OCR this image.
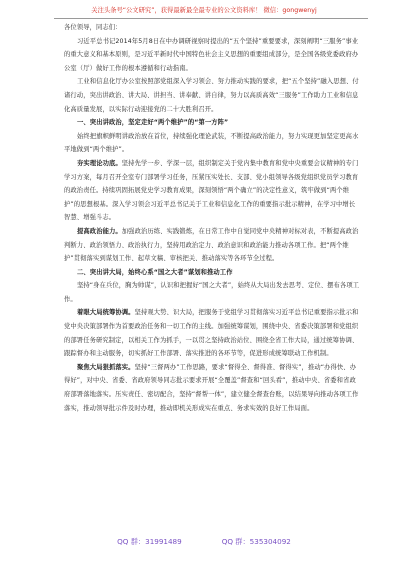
关注头条号“公文研究”，获得最新最全最专业的公文资料库！ 微信：gongwenyj

各位领导，同志们：

习近平总书记2014年5月8日在中办调研视察时提出的“五个坚持”重要要求，深刻阐明“三服务”事业的重大意义和基本原则，是习近平新时代中国特色社会主义思想的重要组成部分，是全国各级党委政府办公室（厅）做好工作的根本遵循和行动指南。

工业和信息化厅办公室按照部党组深入学习领会、努力推动实践的要求，把“五个坚持”融入思想、付诸行动，突出讲政治、讲大局、讲担当、讲奉献、讲自律，努力以高质高效“三服务”工作助力工业和信息化高质量发展，以实际行动迎接党的二十大胜利召开。

一、突出讲政治，坚定走好“两个维护”的“第一方阵”

始终把旗帜鲜明讲政治放在首位，持续强化理论武装，不断提高政治能力，努力实现更加坚定更高水平地做到“两个维护”。

夯实理论功底。坚持先学一步、学深一层，组织制定关于党内集中教育和党中央重要会议精神的专门学习方案，每月召开全室专门部署学习任务，压紧压实处长、支部、党小组领导各级党组织党员学习教育的政治责任。持续巩固拓展党史学习教育成果，深刻领悟“两个确立”的决定性意义，筑牢做到“两个维护”的思想根基。深入学习领会习近平总书记关于工业和信息化工作的重要指示批示精神，在学习中增长智慧、增强斗志。

提高政治能力。加强政治历练、实践锻炼，在日常工作中自觉同党中央精神对标对表，不断提高政治判断力、政治领悟力、政治执行力，坚持用政治定力、政治意识和政治能力推动各项工作。把“两个维护”贯彻落实到谋划工作、起草文稿、审核把关、推动落实等各环节全过程。

二、突出讲大局，始终心系“国之大者”谋划和推动工作

坚持“身在兵位，胸为帅谋”，认识和把握好“国之大者”，始终从大局出发去思考、定位、摆布各项工作。

着眼大局统筹协调。坚持观大势、识大局，把服务于党组学习贯彻落实习近平总书记重要指示批示和党中央决策部署作为首要政治任务和一切工作的主线。加强统筹谋划，围绕中央、省委决策部署和党组织的部署任务研究制定，以相关工作为抓手，一以贯之坚持政治站位、围绕全省工作大局，通过统筹协调、跟踪督办和主动服务，切实抓好工作部署、落实推进的各环节等，促进形成统筹联动工作机制。

聚焦大局狠抓落实。坚持“三督两办”工作思路，要求“督得全、督得准、督得实”，推动“办得快、办得好”，对中央、省委、省政府领导同志批示要求开展“全覆盖”督查和“回头看”，推动中央、省委和省政府部署落地落实。压实责任、密切配合，坚持“督帮一体”，建立健全督查台账，以结果导向推动各项工作落实，推动领导批示件及时办理，推动即机关形成实在重点、务求实效的良好工作局面。

QQ 群：31991489	QQ 群：535304092
